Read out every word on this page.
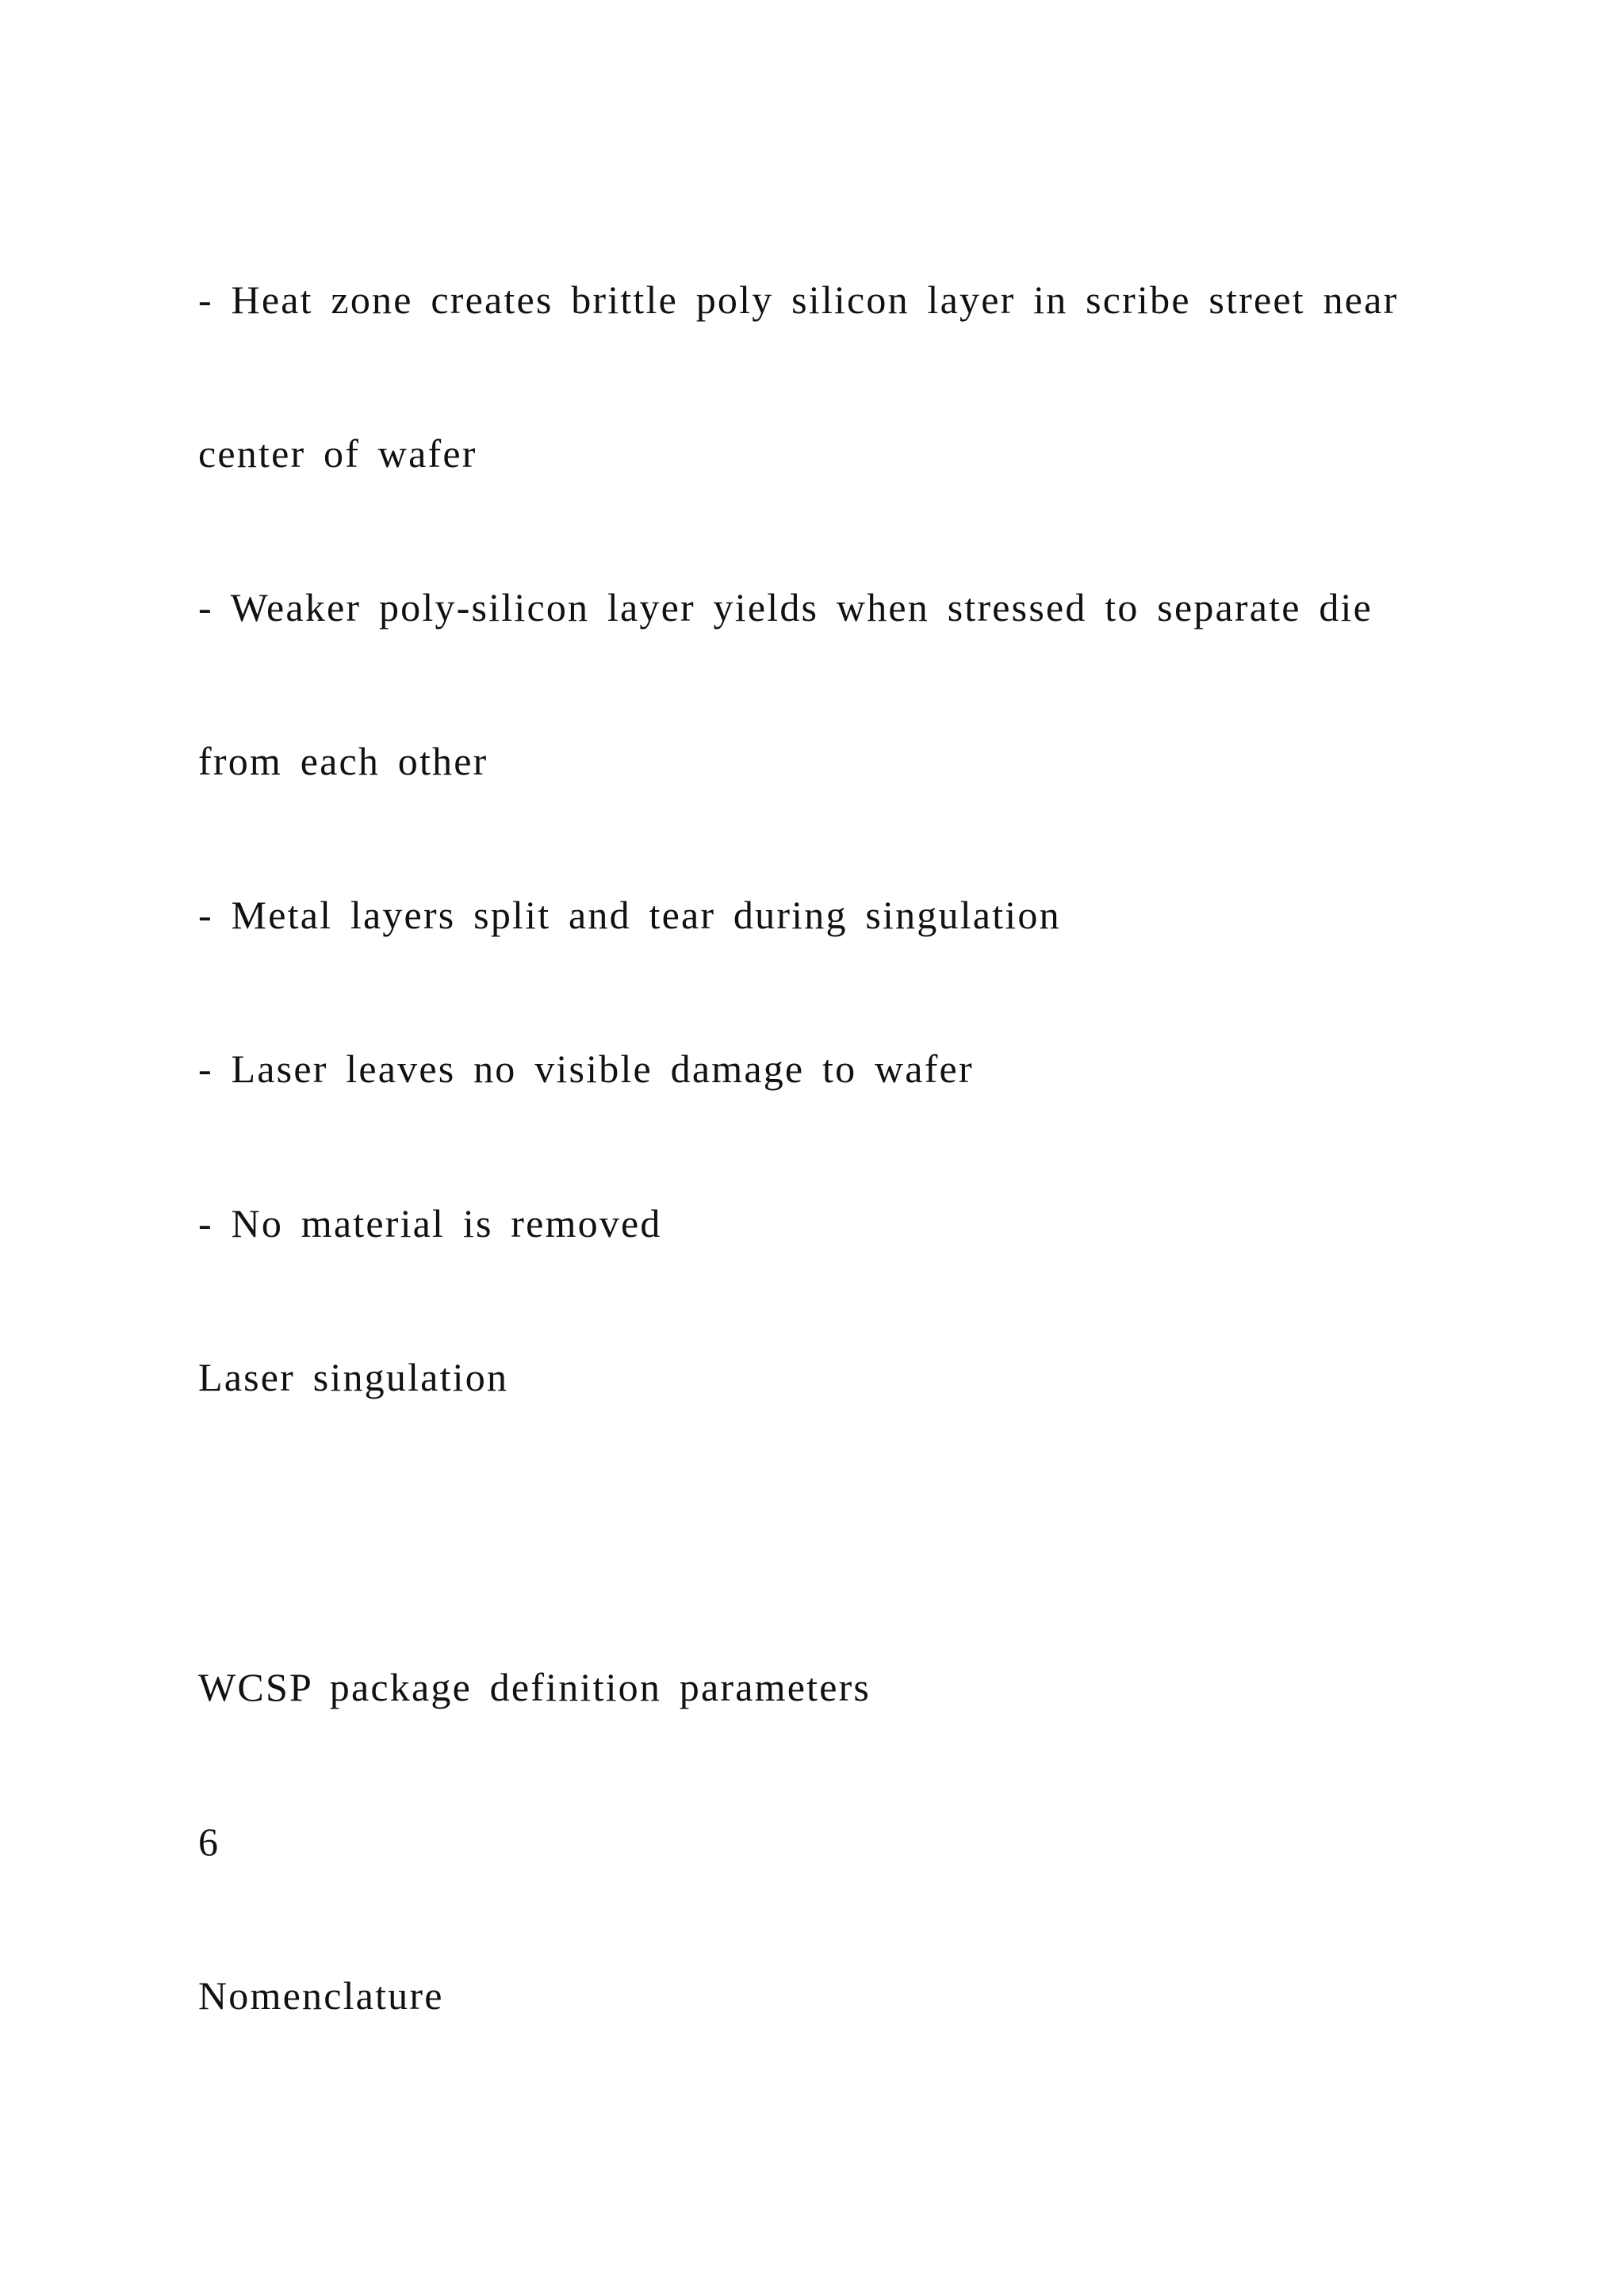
- Heat zone creates brittle poly silicon layer in scribe street near
center of wafer
- Weaker poly-silicon layer yields when stressed to separate die
from each other
- Metal layers split and tear during singulation
- Laser leaves no visible damage to wafer
- No material is removed
Laser singulation
WCSP package definition parameters
6
Nomenclature
